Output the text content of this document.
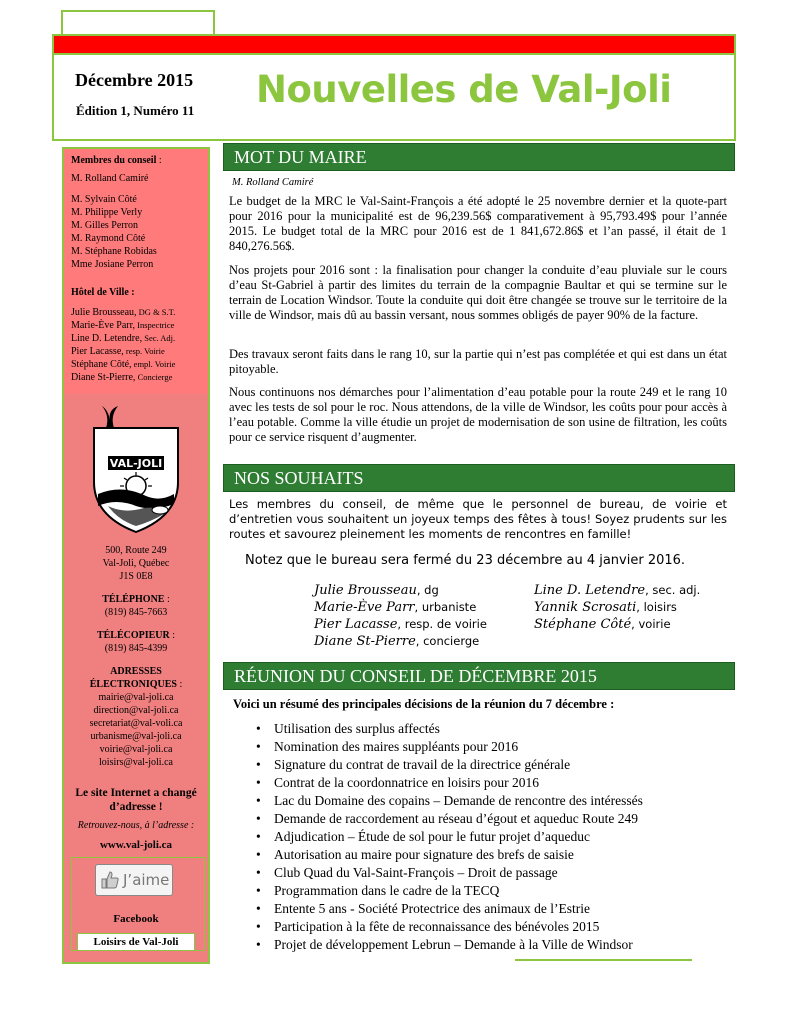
Décembre 2015
Édition 1, Numéro 11 Nouvelles de Val-Joli
Membres du conseil :
M. Rolland Camiré
M. Sylvain Côté
M. Philippe Verly
M. Gilles Perron
M. Raymond Côté
M. Stéphane Robidas
Mme Josiane Perron
Hôtel de Ville :
Julie Brousseau, DG & S.T.
Marie-Ève Parr, Inspectrice
Line D. Letendre, Sec. Adj.
Pier Lacasse, resp. Voirie
Stéphane Côté, empl. Voirie
Diane St-Pierre, Concierge
VAL-JOLI
500, Route 249
Val-Joli, Québec
J1S 0E8
TÉLÉPHONE :
(819) 845-7663
TÉLÉCOPIEUR :
(819) 845-4399
ADRESSES
ÉLECTRONIQUES :
mairie@val-joli.ca
direction@val-joli.ca
secretariat@val-voli.ca
urbanisme@val-joli.ca
voirie@val-joli.ca
loisirs@val-joli.ca
Le site Internet a changé d’adresse !
Retrouvez-nous, à l’adresse :
www.val-joli.ca
J’aime
Facebook
Loisirs de Val-Joli
MOT DU MAIRE
M. Rolland Camiré
Le budget de la MRC le Val-Saint-François a été adopté le 25 novembre dernier et la quote-part pour 2016 pour la municipalité est de 96,239.56$ comparativement à 95,793.49$ pour l’année 2015. Le budget total de la MRC pour 2016 est de 1 841,672.86$ et l’an passé, il était de 1 840,276.56$.
Nos projets pour 2016 sont : la finalisation pour changer la conduite d’eau pluviale sur le cours d’eau St-Gabriel à partir des limites du terrain de la compagnie Baultar et qui se termine sur le terrain de Location Windsor. Toute la conduite qui doit être changée se trouve sur le territoire de la ville de Windsor, mais dû au bassin versant, nous sommes obligés de payer 90% de la facture.
Des travaux seront faits dans le rang 10, sur la partie qui n’est pas complétée et qui est dans un état pitoyable.
Nous continuons nos démarches pour l’alimentation d’eau potable pour la route 249 et le rang 10 avec les tests de sol pour le roc. Nous attendons, de la ville de Windsor, les coûts pour pour accès à l’eau potable. Comme la ville étudie un projet de modernisation de son usine de filtration, les coûts pour ce service risquent d’augmenter.
NOS SOUHAITS
Les membres du conseil, de même que le personnel de bureau, de voirie et d’entretien vous souhaitent un joyeux temps des fêtes à tous! Soyez prudents sur les routes et savourez pleinement les moments de rencontres en famille!
Notez que le bureau sera fermé du 23 décembre au 4 janvier 2016.
Julie Brousseau, dg	Line D. Letendre, sec. adj.
Marie-Ève Parr, urbaniste	Yannik Scrosati, loisirs
Pier Lacasse, resp. de voirie	Stéphane Côté, voirie
Diane St-Pierre, concierge
RÉUNION DU CONSEIL DE DÉCEMBRE 2015
Voici un résumé des principales décisions de la réunion du 7 décembre :
• Utilisation des surplus affectés
• Nomination des maires suppléants pour 2016
• Signature du contrat de travail de la directrice générale
• Contrat de la coordonnatrice en loisirs pour 2016
• Lac du Domaine des copains – Demande de rencontre des intéressés
• Demande de raccordement au réseau d’égout et aqueduc Route 249
• Adjudication – Étude de sol pour le futur projet d’aqueduc
• Autorisation au maire pour signature des brefs de saisie
• Club Quad du Val-Saint-François – Droit de passage
• Programmation dans le cadre de la TECQ
• Entente 5 ans - Société Protectrice des animaux de l’Estrie
• Participation à la fête de reconnaissance des bénévoles 2015
• Projet de développement Lebrun – Demande à la Ville de Windsor
